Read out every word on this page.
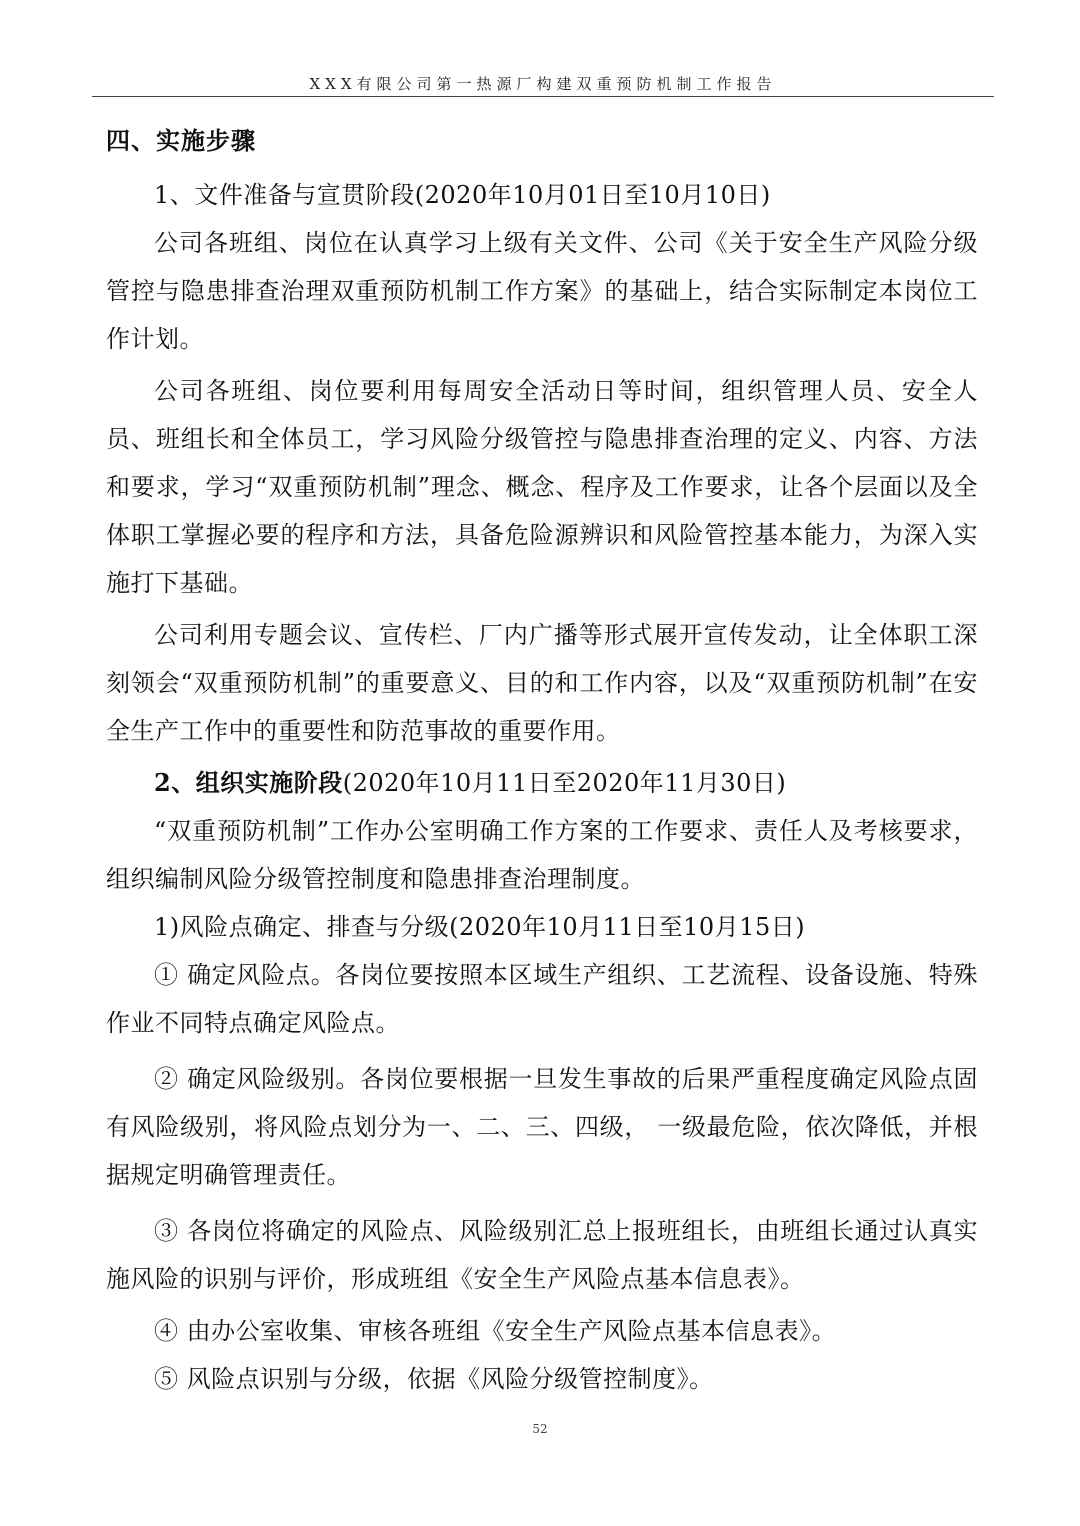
XXX有限公司第一热源厂构建双重预防机制工作报告
四、实施步骤

1、文件准备与宣贯阶段(2020年10月01日至10月10日)

公司各班组、岗位在认真学习上级有关文件、公司《关于安全生产风险分级管控与隐患排查治理双重预防机制工作方案》的基础上，结合实际制定本岗位工作计划。

公司各班组、岗位要利用每周安全活动日等时间，组织管理人员、安全人员、班组长和全体员工，学习风险分级管控与隐患排查治理的定义、内容、方法和要求，学习“双重预防机制”理念、概念、程序及工作要求，让各个层面以及全体职工掌握必要的程序和方法，具备危险源辨识和风险管控基本能力，为深入实施打下基础。

公司利用专题会议、宣传栏、厂内广播等形式展开宣传发动，让全体职工深刻领会“双重预防机制”的重要意义、目的和工作内容，以及“双重预防机制”在安全生产工作中的重要性和防范事故的重要作用。

2、组织实施阶段(2020年10月11日至2020年11月30日)

“双重预防机制”工作办公室明确工作方案的工作要求、责任人及考核要求，组织编制风险分级管控制度和隐患排查治理制度。

1)风险点确定、排查与分级(2020年10月11日至10月15日)

① 确定风险点。各岗位要按照本区域生产组织、工艺流程、设备设施、特殊作业不同特点确定风险点。

② 确定风险级别。各岗位要根据一旦发生事故的后果严重程度确定风险点固有风险级别，将风险点划分为一、二、三、四级， 一级最危险，依次降低，并根据规定明确管理责任。

③ 各岗位将确定的风险点、风险级别汇总上报班组长，由班组长通过认真实施风险的识别与评价，形成班组《安全生产风险点基本信息表》。

④ 由办公室收集、审核各班组《安全生产风险点基本信息表》。

⑤ 风险点识别与分级，依据《风险分级管控制度》。

52
